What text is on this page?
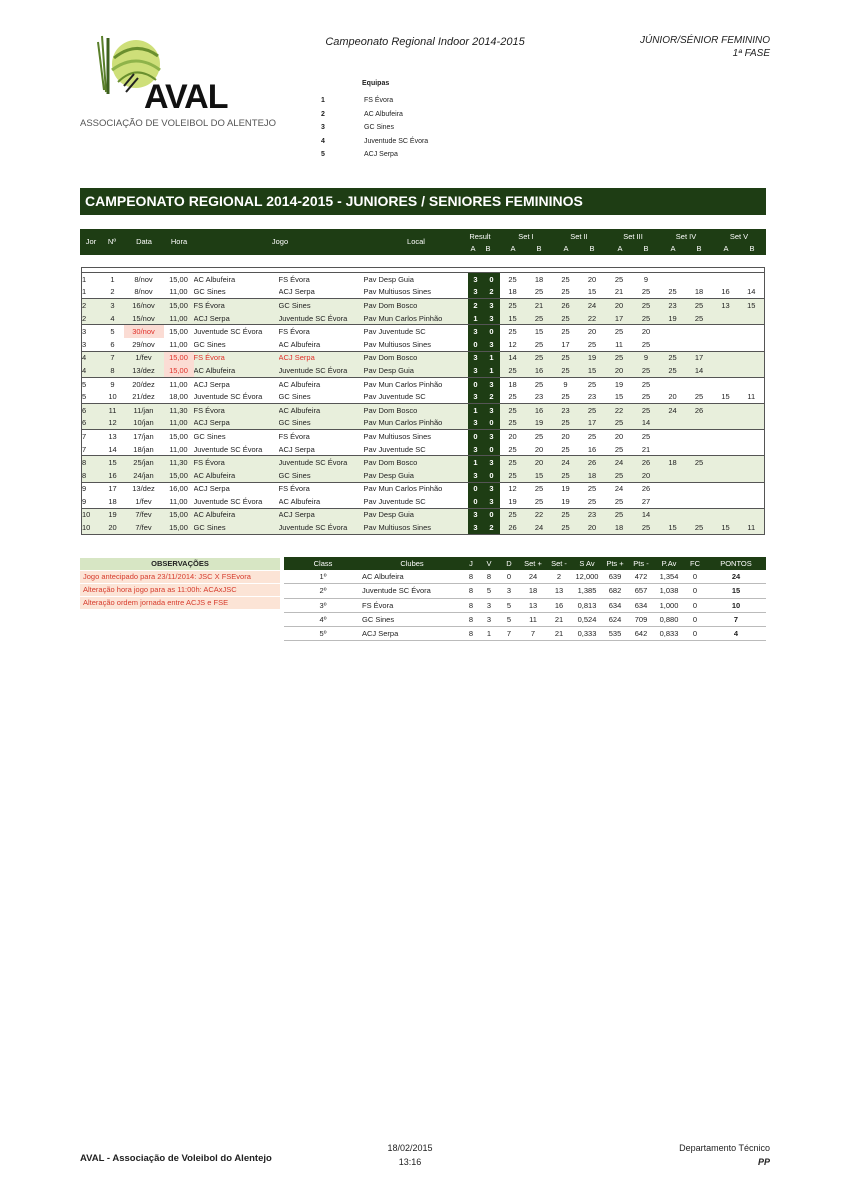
AVAL
ASSOCIAÇÃO DE VOLEIBOL DO ALENTEJO
Campeonato Regional Indoor 2014-2015	JÚNIOR/SÉNIOR FEMININO
1ª FASE
Equipas
1	FS Évora
2	AC Albufeira
3	GC Sines
4	Juventude SC Évora
5	ACJ Serpa
CAMPEONATO REGIONAL 2014-2015 - JUNIORES / SENIORES FEMININOS
Jor	Nº	Data	Hora	Jogo	Local
Result
A	B
Set I
A	B
Set II
A	B
Set III
A	B
Set IV
A	B
Set V
A	B

1	1	8/nov	15,00	AC Albufeira	FS Évora	Pav Desp Guia	3	0	25	18	25	20	25	9				
1	2	8/nov	11,00	GC Sines	ACJ Serpa	Pav Multiusos Sines	3	2	18	25	25	15	21	25	25	18	16	14
2	3	16/nov	15,00	FS Évora	GC Sines	Pav Dom Bosco	2	3	25	21	26	24	20	25	23	25	13	15
2	4	15/nov	11,00	ACJ Serpa	Juventude SC Évora	Pav Mun Carlos Pinhão	1	3	15	25	25	22	17	25	19	25		
3	5	30/nov	15,00	Juventude SC Évora	FS Évora	Pav Juventude SC	3	0	25	15	25	20	25	20				
3	6	29/nov	11,00	GC Sines	AC Albufeira	Pav Multiusos Sines	0	3	12	25	17	25	11	25				
4	7	1/fev	15,00	FS Évora	ACJ Serpa	Pav Dom Bosco	3	1	14	25	25	19	25	9	25	17		
4	8	13/dez	15,00	AC Albufeira	Juventude SC Évora	Pav Desp Guia	3	1	25	16	25	15	20	25	25	14		
5	9	20/dez	11,00	ACJ Serpa	AC Albufeira	Pav Mun Carlos Pinhão	0	3	18	25	9	25	19	25				
5	10	21/dez	18,00	Juventude SC Évora	GC Sines	Pav Juventude SC	3	2	25	23	25	23	15	25	20	25	15	11
6	11	11/jan	11,30	FS Évora	AC Albufeira	Pav Dom Bosco	1	3	25	16	23	25	22	25	24	26		
6	12	10/jan	11,00	ACJ Serpa	GC Sines	Pav Mun Carlos Pinhão	3	0	25	19	25	17	25	14				
7	13	17/jan	15,00	GC Sines	FS Évora	Pav Multiusos Sines	0	3	20	25	20	25	20	25				
7	14	18/jan	11,00	Juventude SC Évora	ACJ Serpa	Pav Juventude SC	3	0	25	20	25	16	25	21				
8	15	25/jan	11,30	FS Évora	Juventude SC Évora	Pav Dom Bosco	1	3	25	20	24	26	24	26	18	25		
8	16	24/jan	15,00	AC Albufeira	GC Sines	Pav Desp Guia	3	0	25	15	25	18	25	20				
9	17	13/dez	16,00	ACJ Serpa	FS Évora	Pav Mun Carlos Pinhão	0	3	12	25	19	25	24	26				
9	18	1/fev	11,00	Juventude SC Évora	AC Albufeira	Pav Juventude SC	0	3	19	25	19	25	25	27				
10	19	7/fev	15,00	AC Albufeira	ACJ Serpa	Pav Desp Guia	3	0	25	22	25	23	25	14				
10	20	7/fev	15,00	GC Sines	Juventude SC Évora	Pav Multiusos Sines	3	2	26	24	25	20	18	25	15	25	15	11
OBSERVAÇÕES
Jogo antecipado para 23/11/2014: JSC X FSEvora
Alteração hora jogo para as 11:00h: ACAxJSC
Alteração ordem jornada entre ACJS e FSE
Class	Clubes	J	V	D	Set +	Set -	S Av	Pts +	Pts -	P.Av	FC	PONTOS
1º	AC Albufeira	8	8	0	24	2	12,000	639	472	1,354	0	24
2º	Juventude SC Évora	8	5	3	18	13	1,385	682	657	1,038	0	15
3º	FS Évora	8	3	5	13	16	0,813	634	634	1,000	0	10
4º	GC Sines	8	3	5	11	21	0,524	624	709	0,880	0	7
5º	ACJ Serpa	8	1	7	7	21	0,333	535	642	0,833	0	4
AVAL - Associação de Voleibol do Alentejo
18/02/2015
13:16
Departamento Técnico
PP
